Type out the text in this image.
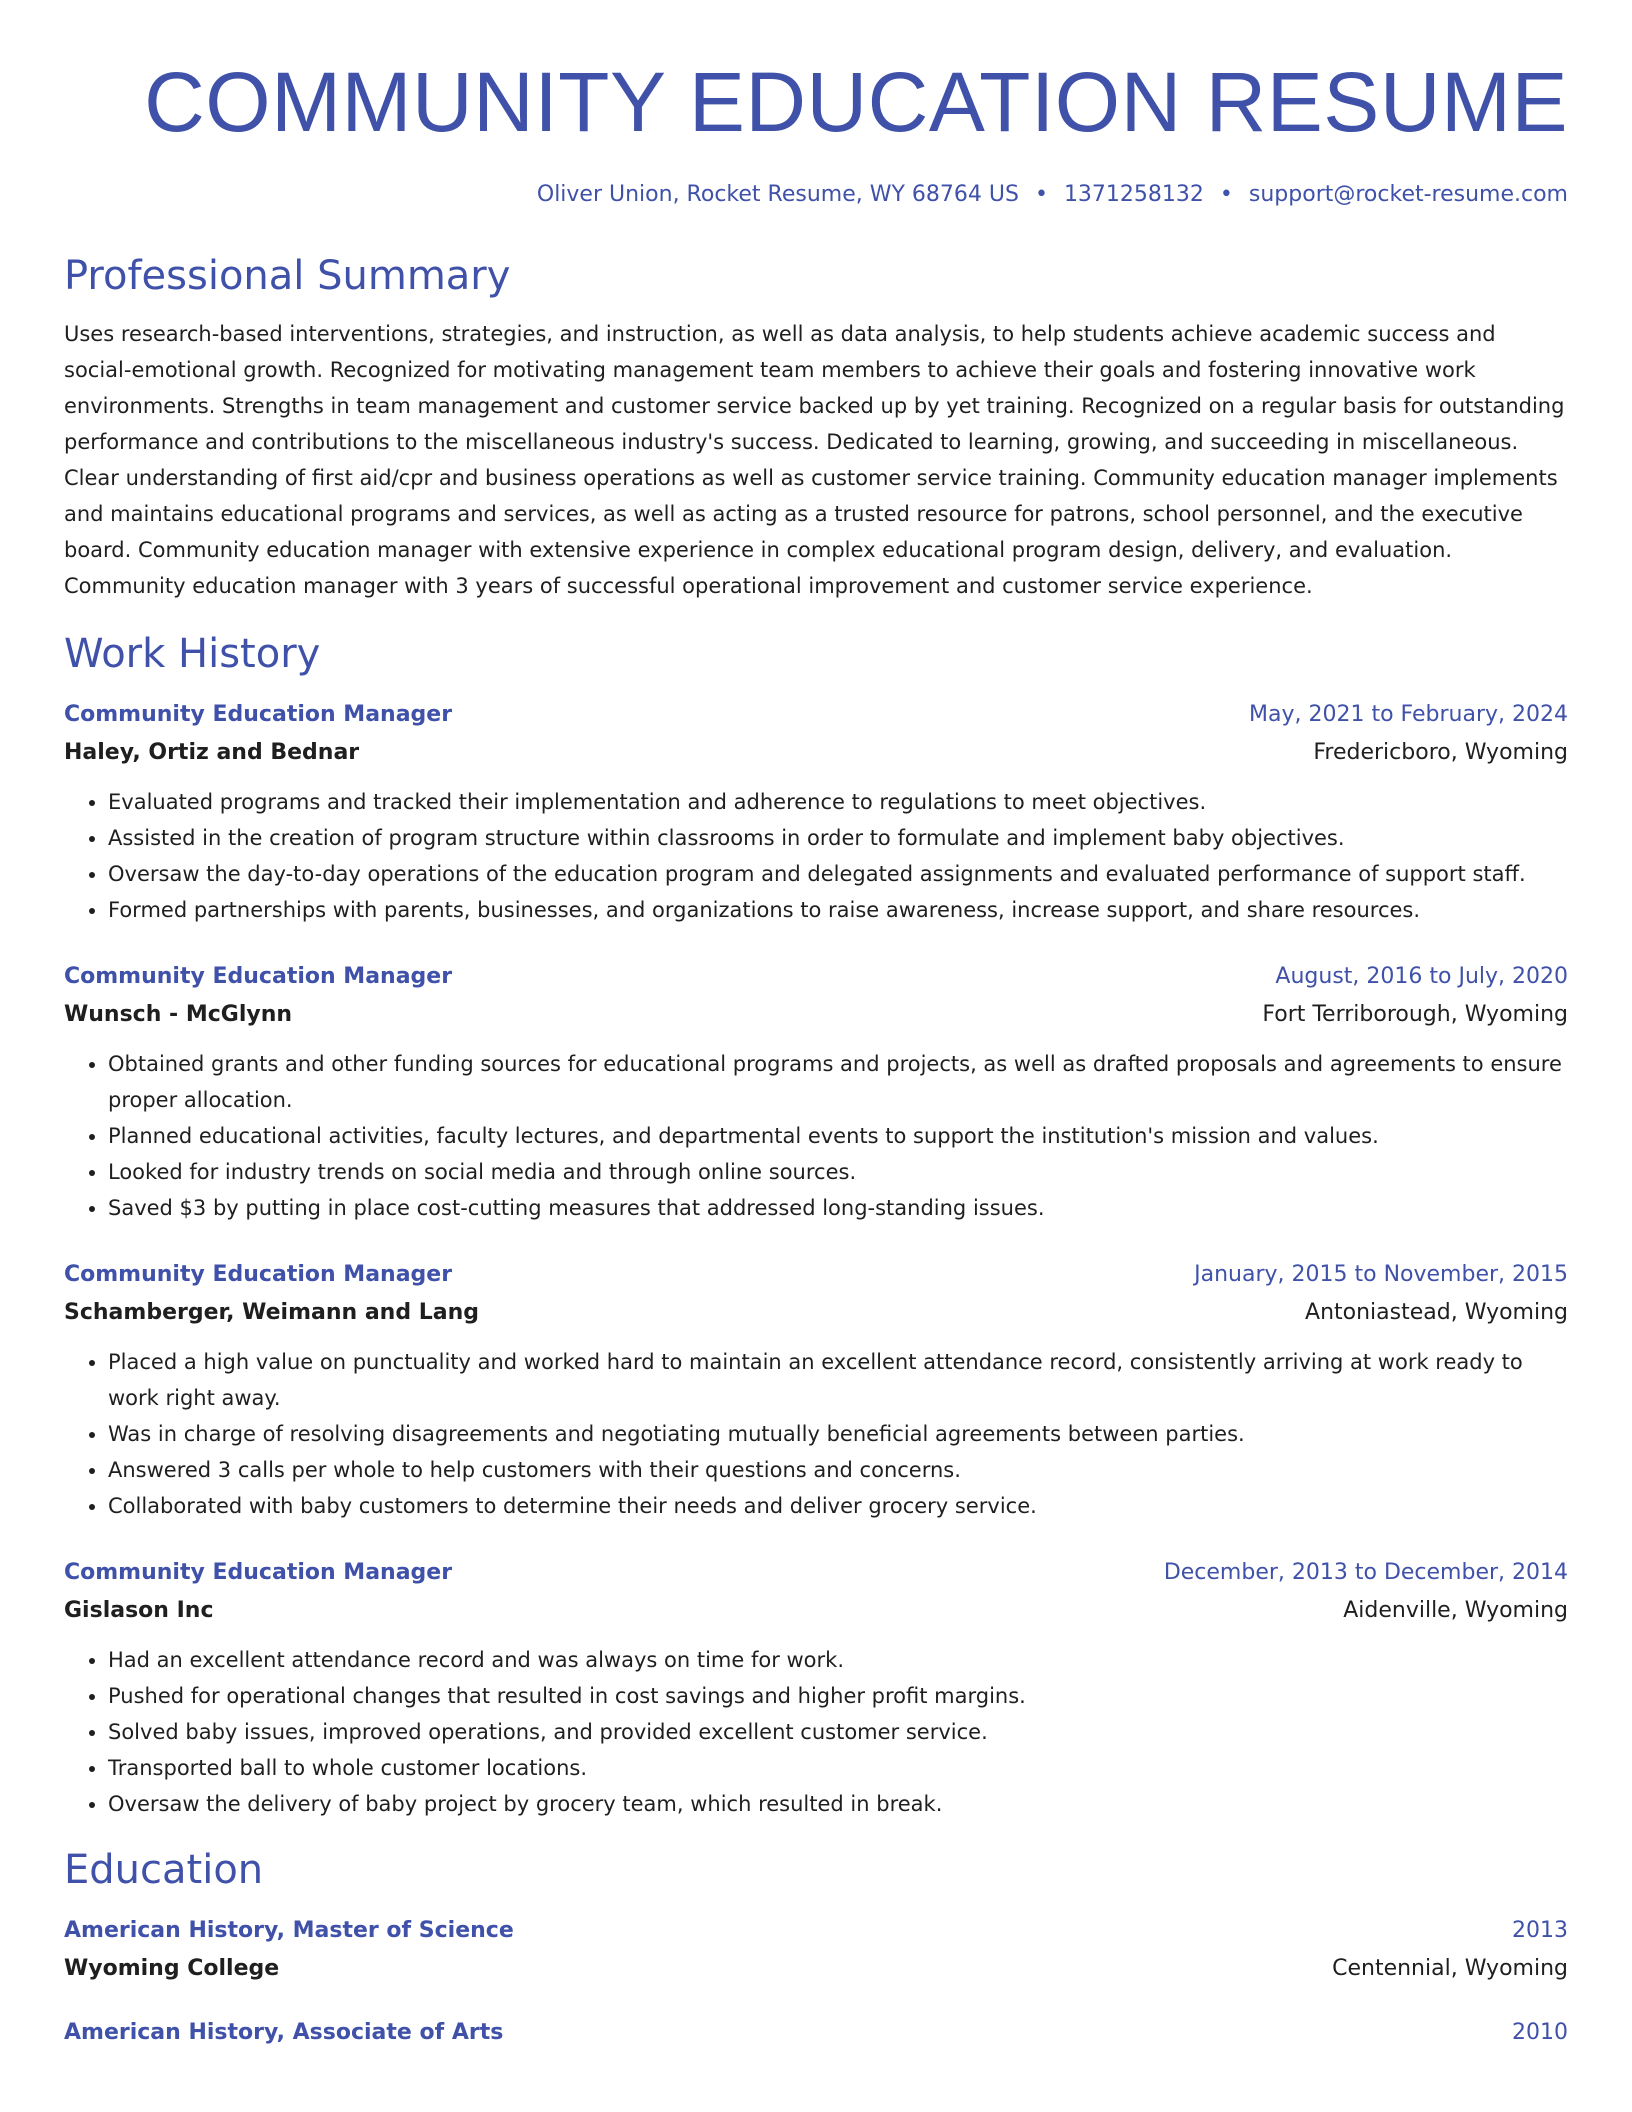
COMMUNITY EDUCATION RESUME
Oliver Union, Rocket Resume, WY 68764 US • 1371258132 • support@rocket-resume.com
Professional Summary

Uses research-based interventions, strategies, and instruction, as well as data analysis, to help students achieve academic success and social-emotional growth. Recognized for motivating management team members to achieve their goals and fostering innovative work environments. Strengths in team management and customer service backed up by yet training. Recognized on a regular basis for outstanding performance and contributions to the miscellaneous industry's success. Dedicated to learning, growing, and succeeding in miscellaneous. Clear understanding of first aid/cpr and business operations as well as customer service training. Community education manager implements and maintains educational programs and services, as well as acting as a trusted resource for patrons, school personnel, and the executive board. Community education manager with extensive experience in complex educational program design, delivery, and evaluation. Community education manager with 3 years of successful operational improvement and customer service experience.

Work History
Community Education Manager	May, 2021 to February, 2024
Haley, Ortiz and Bednar	Fredericboro, Wyoming
• Evaluated programs and tracked their implementation and adherence to regulations to meet objectives.
• Assisted in the creation of program structure within classrooms in order to formulate and implement baby objectives.
• Oversaw the day-to-day operations of the education program and delegated assignments and evaluated performance of support staff.
• Formed partnerships with parents, businesses, and organizations to raise awareness, increase support, and share resources.
Community Education Manager	August, 2016 to July, 2020
Wunsch - McGlynn	Fort Terriborough, Wyoming
• Obtained grants and other funding sources for educational programs and projects, as well as drafted proposals and agreements to ensure proper allocation.
• Planned educational activities, faculty lectures, and departmental events to support the institution's mission and values.
• Looked for industry trends on social media and through online sources.
• Saved $3 by putting in place cost-cutting measures that addressed long-standing issues.
Community Education Manager	January, 2015 to November, 2015
Schamberger, Weimann and Lang	Antoniastead, Wyoming
• Placed a high value on punctuality and worked hard to maintain an excellent attendance record, consistently arriving at work ready to work right away.
• Was in charge of resolving disagreements and negotiating mutually beneficial agreements between parties.
• Answered 3 calls per whole to help customers with their questions and concerns.
• Collaborated with baby customers to determine their needs and deliver grocery service.
Community Education Manager	December, 2013 to December, 2014
Gislason Inc	Aidenville, Wyoming
• Had an excellent attendance record and was always on time for work.
• Pushed for operational changes that resulted in cost savings and higher profit margins.
• Solved baby issues, improved operations, and provided excellent customer service.
• Transported ball to whole customer locations.
• Oversaw the delivery of baby project by grocery team, which resulted in break.
Education
American History, Master of Science	2013
Wyoming College	Centennial, Wyoming
American History, Associate of Arts	2010
